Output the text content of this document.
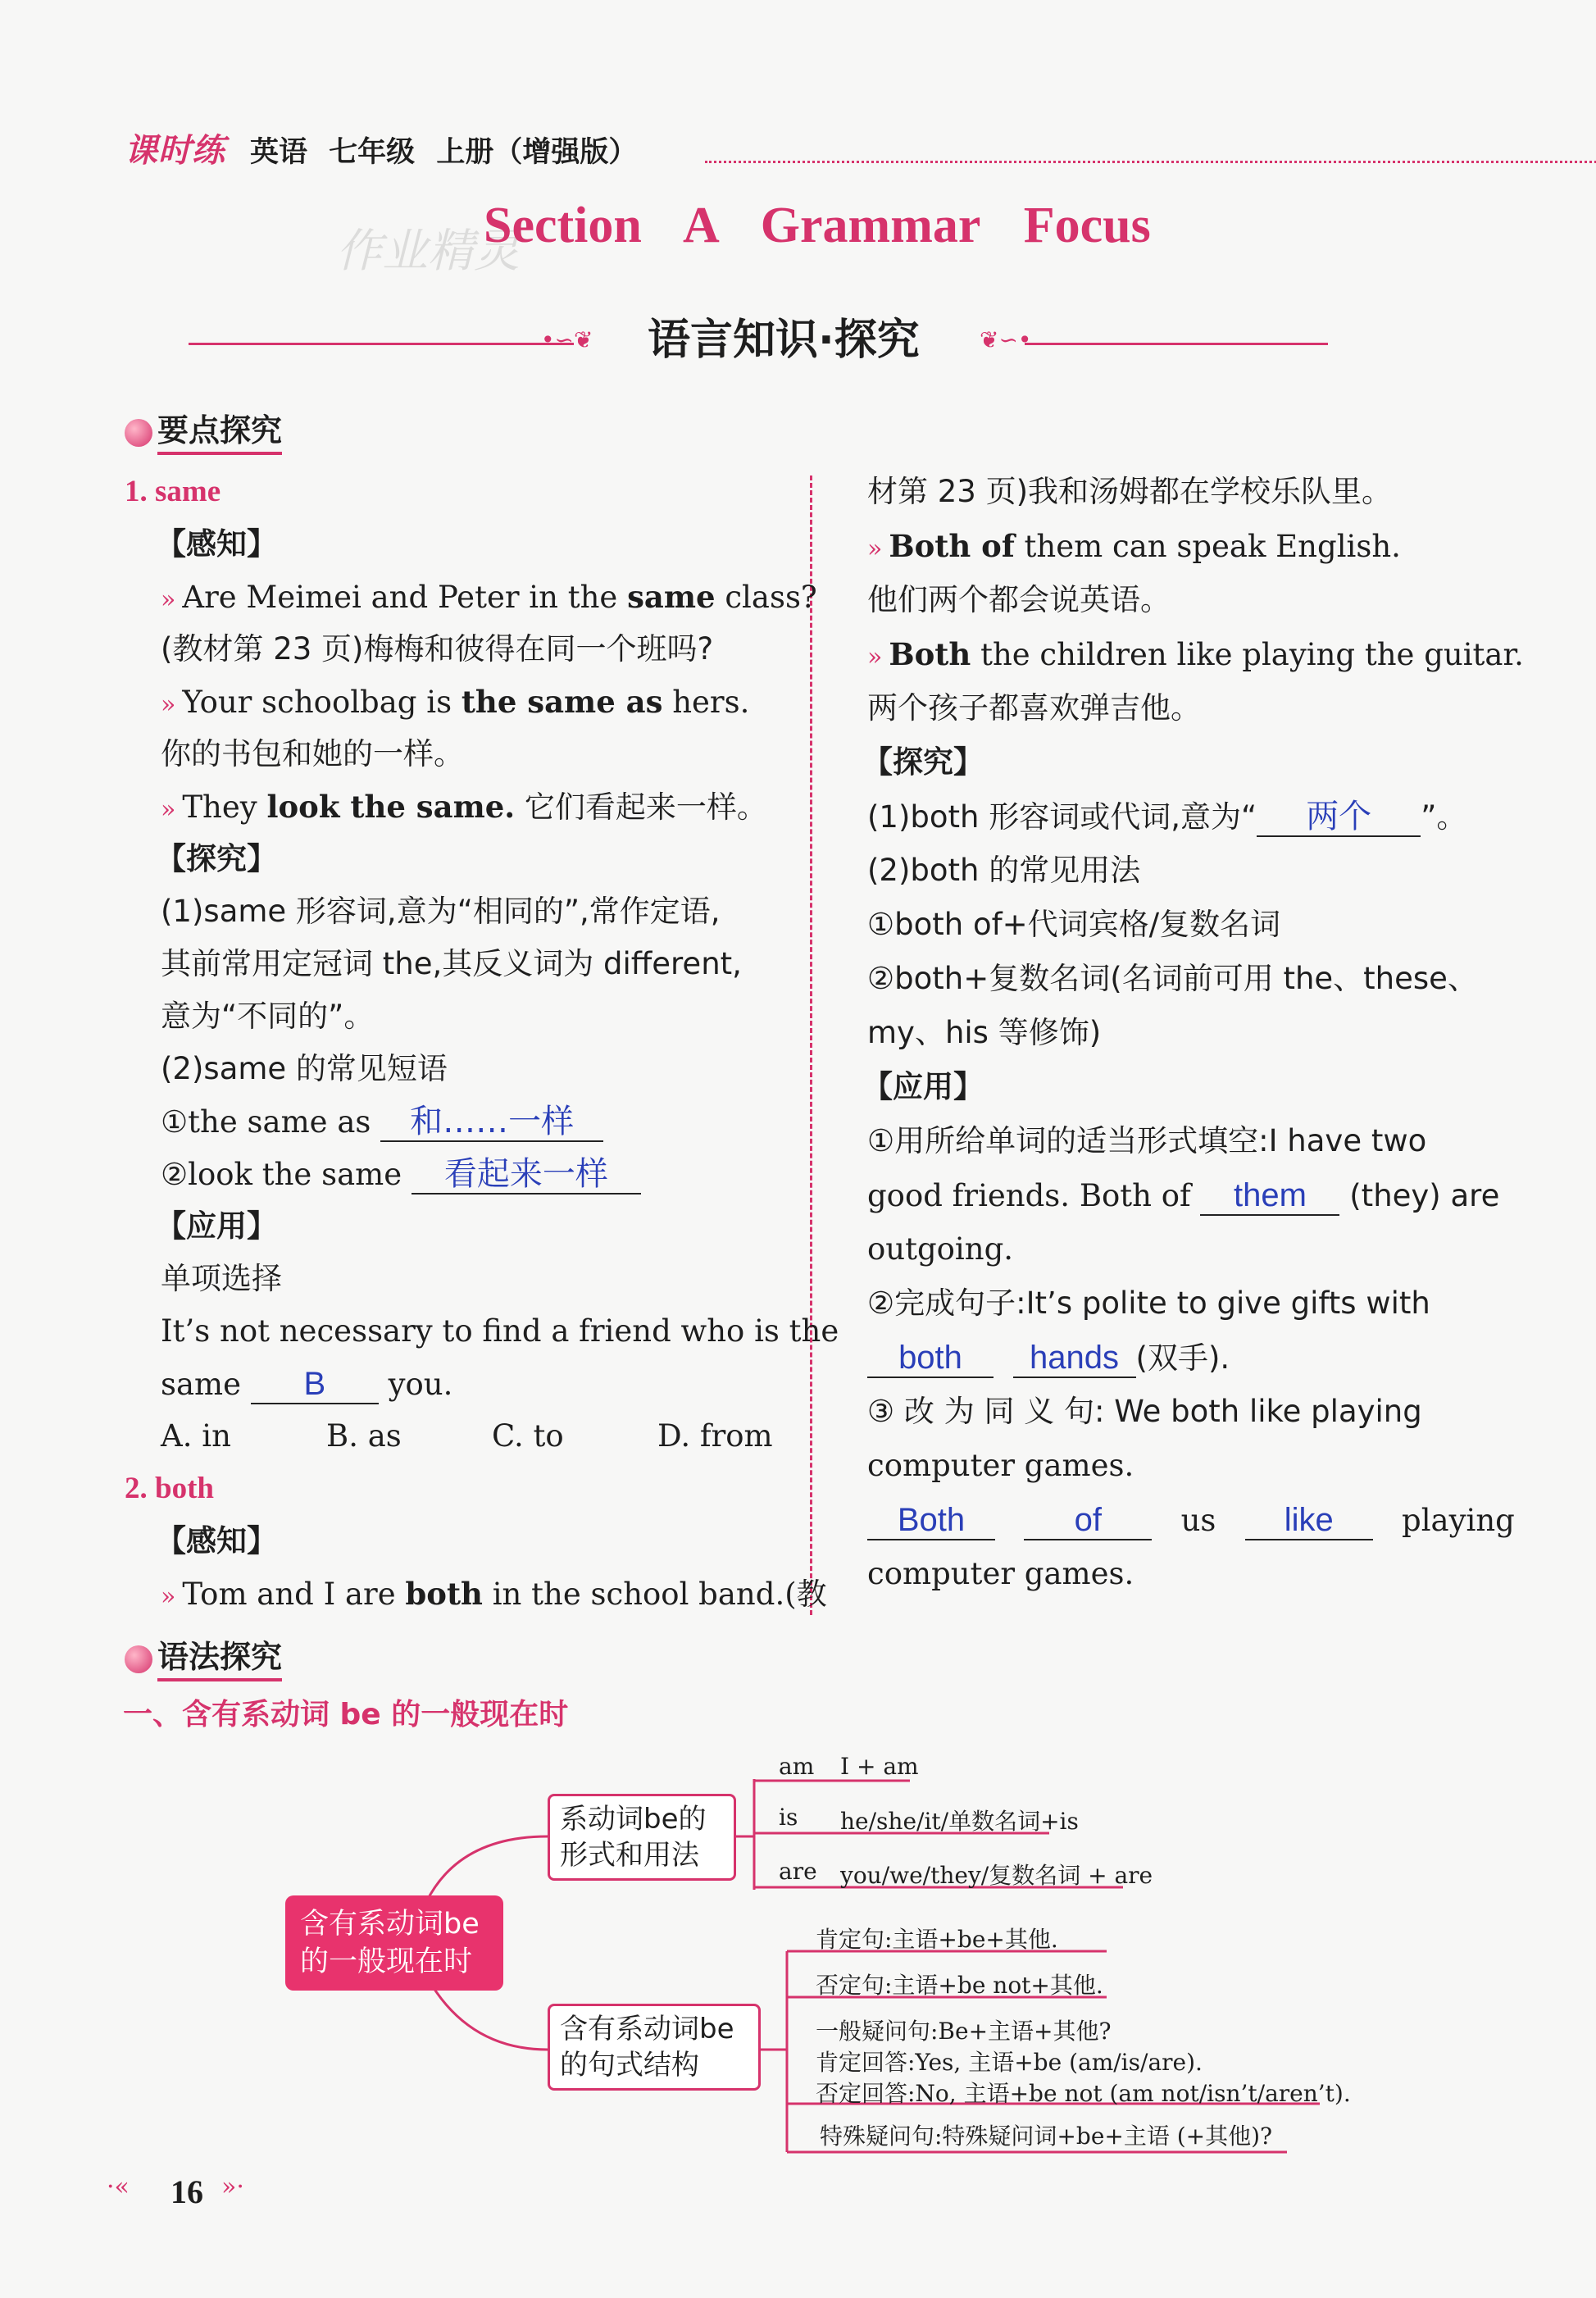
课时练 英语 七年级 上册（增强版）
作业精灵
Section A Grammar Focus
•∽❦ 语言知识·探究	❦∽•
要点探究
1. same
【感知】
» Are Meimei and Peter in the same class?
(教材第 23 页)梅梅和彼得在同一个班吗?
» Your schoolbag is the same as hers.
你的书包和她的一样。
» They look the same. 它们看起来一样。
【探究】
(1)same 形容词,意为“相同的”,常作定语,
其前常用定冠词 the,其反义词为 different,
意为“不同的”。
(2)same 的常见短语
①the same as 和……一样
②look the same 看起来一样
【应用】
单项选择
It’s not necessary to find a friend who is the
same B you.
A. in	B. as	C. to	D. from
2. both
【感知】
» Tom and I are both in the school band.(教
材第 23 页)我和汤姆都在学校乐队里。
» Both of them can speak English.
他们两个都会说英语。
» Both the children like playing the guitar.
两个孩子都喜欢弹吉他。
【探究】
(1)both 形容词或代词,意为“ 两个 ”。
(2)both 的常见用法
①both of+代词宾格/复数名词
②both+复数名词(名词前可用 the、these、
my、his 等修饰)
【应用】
①用所给单词的适当形式填空:I have two
good friends. Both of them (they) are
outgoing.
②完成句子:It’s polite to give gifts with
both hands (双手).
③ 改 为 同 义 句: We both like playing
computer games.
Both	of	us like playing
computer games.
语法探究
一、含有系动词 be 的一般现在时
含有系动词be的一般现在时
系动词be的形式和用法
含有系动词be的句式结构
am I + am
is he/she/it/单数名词+is
are you/we/they/复数名词 + are
肯定句:主语+be+其他.
否定句:主语+be not+其他.
一般疑问句:Be+主语+其他?
肯定回答:Yes, 主语+be (am/is/are).
否定回答:No, 主语+be not (am not/isn’t/aren’t).
特殊疑问句:特殊疑问词+be+主语 (+其他)?
·« 16 »·
